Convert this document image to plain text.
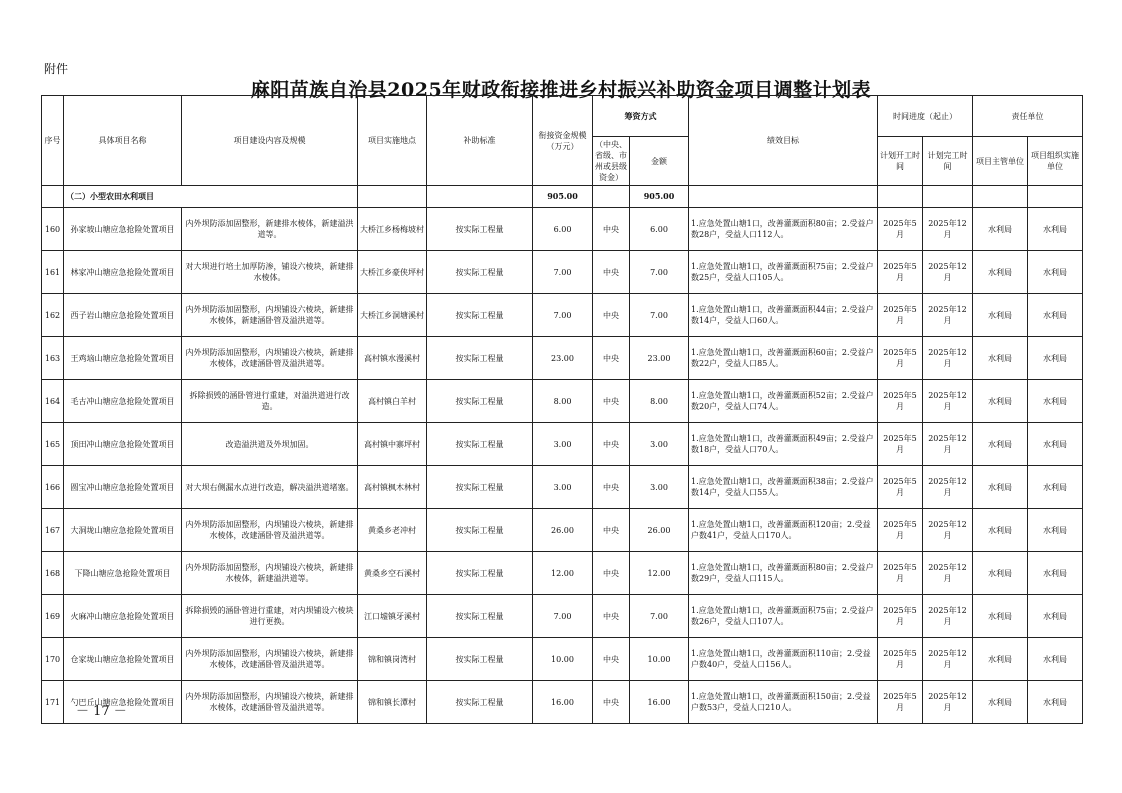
附件
麻阳苗族自治县2025年财政衔接推进乡村振兴补助资金项目调整计划表
序号	具体项目名称	项目建设内容及规模	项目实施地点	补助标准	衔接资金规模（万元）	筹资方式		绩效目标	时间进度（起止）		责任单位	
						（中央、省级、市州或县级资金）	金额		计划开工时间	计划完工时间	项目主管单位	项目组织实施单位
	（二）小型农田水利项目				905.00		905.00					
160	孙家坡山塘应急抢险处置项目	内外坝防添加固整形，新建排水棱体，新建溢洪道等。	大桥江乡杨梅坡村	按实际工程量	6.00	中央	6.00	1.应急处置山塘1口，改善灌溉面积80亩；2.受益户数28户，受益人口112人。	2025年5月	2025年12月	水利局	水利局
161	林家冲山塘应急抢险处置项目	对大坝进行培土加厚防渗，铺设六棱块，新建排水棱体。	大桥江乡豪侠坪村	按实际工程量	7.00	中央	7.00	1.应急处置山塘1口，改善灌溉面积75亩；2.受益户数25户，受益人口105人。	2025年5月	2025年12月	水利局	水利局
162	西子岩山塘应急抢险处置项目	内外坝防添加固整形，内坝铺设六棱块，新建排水棱体，新建涵卧管及溢洪道等。	大桥江乡洞塘溪村	按实际工程量	7.00	中央	7.00	1.应急处置山塘1口，改善灌溉面积44亩；2.受益户数14户，受益人口60人。	2025年5月	2025年12月	水利局	水利局
163	王鸡垴山塘应急抢险处置项目	内外坝防添加固整形，内坝铺设六棱块，新建排水棱体，改建涵卧管及溢洪道等。	高村镇水漫溪村	按实际工程量	23.00	中央	23.00	1.应急处置山塘1口，改善灌溉面积60亩；2.受益户数22户，受益人口85人。	2025年5月	2025年12月	水利局	水利局
164	毛古冲山塘应急抢险处置项目	拆除损毁的涵卧管进行重建，对溢洪道进行改造。	高村镇白羊村	按实际工程量	8.00	中央	8.00	1.应急处置山塘1口，改善灌溉面积52亩；2.受益户数20户，受益人口74人。	2025年5月	2025年12月	水利局	水利局
165	顶田冲山塘应急抢险处置项目	改造溢洪道及外坝加固。	高村镇中寨坪村	按实际工程量	3.00	中央	3.00	1.应急处置山塘1口，改善灌溉面积49亩；2.受益户数18户，受益人口70人。	2025年5月	2025年12月	水利局	水利局
166	圆宝冲山塘应急抢险处置项目	对大坝右侧漏水点进行改造，解决溢洪道堵塞。	高村镇枫木林村	按实际工程量	3.00	中央	3.00	1.应急处置山塘1口，改善灌溉面积38亩；2.受益户数14户，受益人口55人。	2025年5月	2025年12月	水利局	水利局
167	大洞垅山塘应急抢险处置项目	内外坝防添加固整形，内坝铺设六棱块，新建排水棱体，改建涵卧管及溢洪道等。	黄桑乡老冲村	按实际工程量	26.00	中央	26.00	1.应急处置山塘1口，改善灌溉面积120亩；2.受益户数41户，受益人口170人。	2025年5月	2025年12月	水利局	水利局
168	下降山塘应急抢险处置项目	内外坝防添加固整形，内坝铺设六棱块，新建排水棱体，新建溢洪道等。	黄桑乡空石溪村	按实际工程量	12.00	中央	12.00	1.应急处置山塘1口，改善灌溉面积80亩；2.受益户数29户，受益人口115人。	2025年5月	2025年12月	水利局	水利局
169	火麻冲山塘应急抢险处置项目	拆除损毁的涵卧管进行重建，对内坝铺设六棱块进行更换。	江口墟镇牙溪村	按实际工程量	7.00	中央	7.00	1.应急处置山塘1口，改善灌溉面积75亩；2.受益户数26户，受益人口107人。	2025年5月	2025年12月	水利局	水利局
170	仓家垅山塘应急抢险处置项目	内外坝防添加固整形，内坝铺设六棱块，新建排水棱体，改建涵卧管及溢洪道等。	锦和镇岗湾村	按实际工程量	10.00	中央	10.00	1.应急处置山塘1口，改善灌溉面积110亩；2.受益户数40户，受益人口156人。	2025年5月	2025年12月	水利局	水利局
171	勺巴丘山塘应急抢险处置项目	内外坝防添加固整形，内坝铺设六棱块，新建排水棱体，改建涵卧管及溢洪道等。	锦和镇长潭村	按实际工程量	16.00	中央	16.00	1.应急处置山塘1口，改善灌溉面积150亩；2.受益户数53户，受益人口210人。	2025年5月	2025年12月	水利局	水利局
－ 17 －
